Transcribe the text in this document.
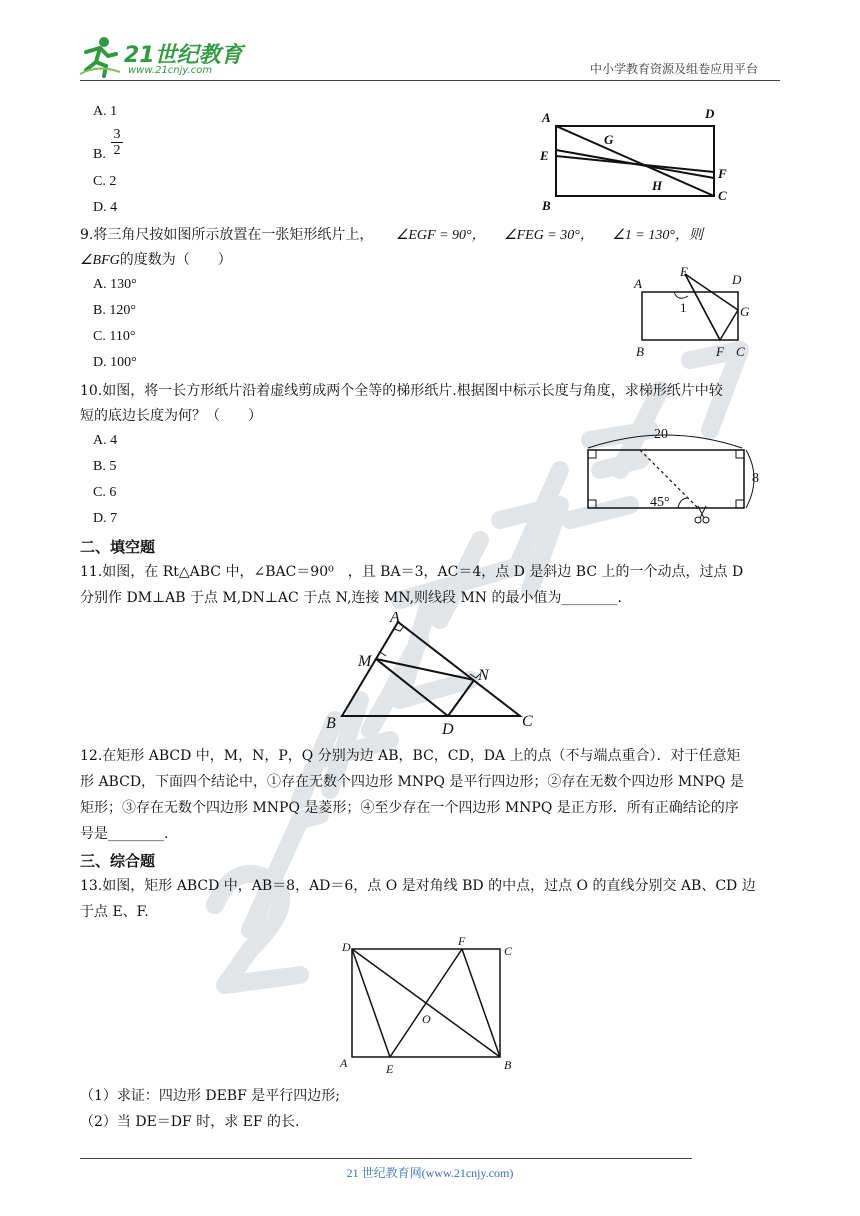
21世纪教育
www.21cnjy.com	中小学教育资源及组卷应用平台
A. 1
B.
3
2
C. 2
D. 4
A	D
G
E
F
H
B
C
9.将三角尺按如图所示放置在一张矩形纸片上， ∠EGF = 90°， ∠FEG = 30°， ∠1 = 130°，则
∠BFG的度数为（　　）
A. 130°
B. 120°
C. 110°
D. 100°
A
E
D
1	G
B	F C
10.如图，将一长方形纸片沿着虚线剪成两个全等的梯形纸片.根据图中标示长度与角度，求梯形纸片中较
短的底边长度为何？（　　）
A. 4
B. 5
C. 6
D. 7
20
8
45°
二、填空题
11.如图，在 Rt△ABC 中，∠BAC＝90⁰　，且 BA＝3，AC＝4，点 D 是斜边 BC 上的一个动点，过点 D
分别作 DM⊥AB 于点 M,DN⊥AC 于点 N,连接 MN,则线段 MN 的最小值为________.
A
M
N
B	D	C
12.在矩形 ABCD 中，M，N，P，Q 分别为边 AB，BC，CD，DA 上的点（不与端点重合）．对于任意矩
形 ABCD，下面四个结论中，①存在无数个四边形 MNPQ 是平行四边形；②存在无数个四边形 MNPQ 是
矩形；③存在无数个四边形 MNPQ 是菱形；④至少存在一个四边形 MNPQ 是正方形．所有正确结论的序
号是________.
三、综合题
13.如图，矩形 ABCD 中，AB＝8，AD＝6，点 O 是对角线 BD 的中点，过点 O 的直线分别交 AB、CD 边
于点 E、F.
D	F
C
O
A	E	B
（1）求证：四边形 DEBF 是平行四边形;
（2）当 DE＝DF 时，求 EF 的长.
21 世纪教育网(www.21cnjy.com)
